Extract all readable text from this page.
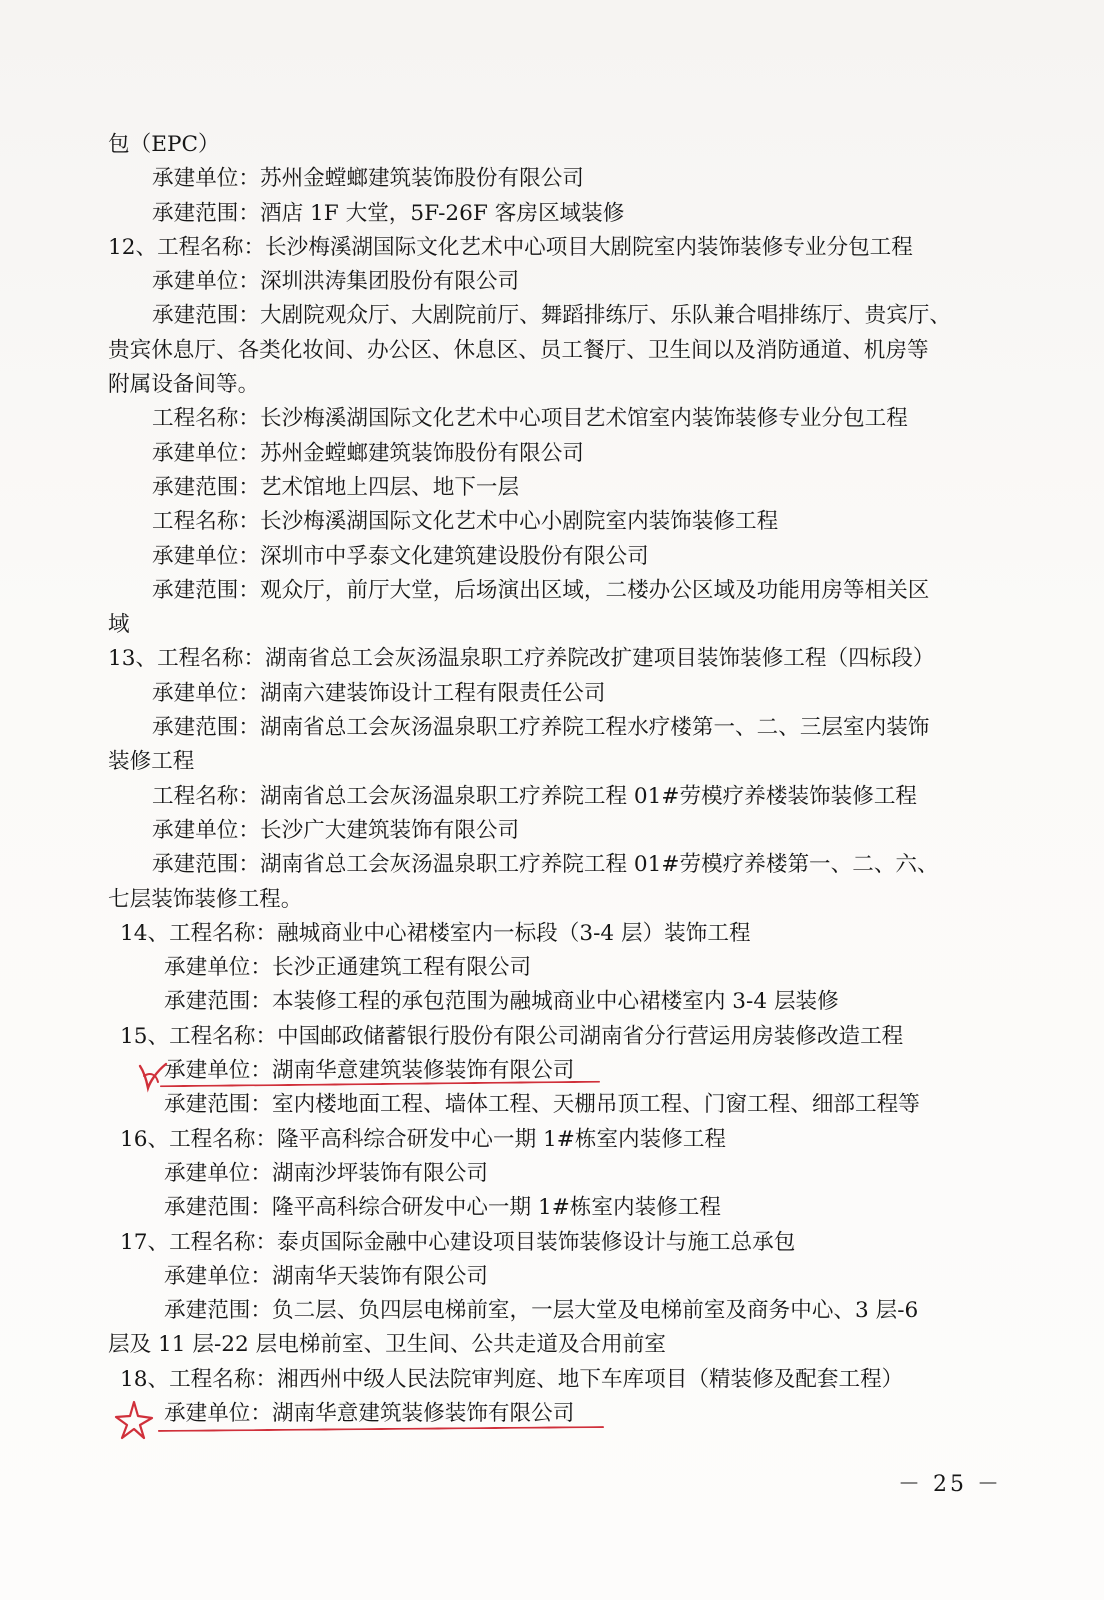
包（EPC）
承建单位：苏州金螳螂建筑装饰股份有限公司
承建范围：酒店 1F 大堂，5F-26F 客房区域装修
12、工程名称：长沙梅溪湖国际文化艺术中心项目大剧院室内装饰装修专业分包工程
承建单位：深圳洪涛集团股份有限公司
承建范围：大剧院观众厅、大剧院前厅、舞蹈排练厅、乐队兼合唱排练厅、贵宾厅、
贵宾休息厅、各类化妆间、办公区、休息区、员工餐厅、卫生间以及消防通道、机房等
附属设备间等。
工程名称：长沙梅溪湖国际文化艺术中心项目艺术馆室内装饰装修专业分包工程
承建单位：苏州金螳螂建筑装饰股份有限公司
承建范围：艺术馆地上四层、地下一层
工程名称：长沙梅溪湖国际文化艺术中心小剧院室内装饰装修工程
承建单位：深圳市中孚泰文化建筑建设股份有限公司
承建范围：观众厅，前厅大堂，后场演出区域，二楼办公区域及功能用房等相关区
域
13、工程名称：湖南省总工会灰汤温泉职工疗养院改扩建项目装饰装修工程（四标段）
承建单位：湖南六建装饰设计工程有限责任公司
承建范围：湖南省总工会灰汤温泉职工疗养院工程水疗楼第一、二、三层室内装饰
装修工程
工程名称：湖南省总工会灰汤温泉职工疗养院工程 01#劳模疗养楼装饰装修工程
承建单位：长沙广大建筑装饰有限公司
承建范围：湖南省总工会灰汤温泉职工疗养院工程 01#劳模疗养楼第一、二、六、
七层装饰装修工程。
14、工程名称：融城商业中心裙楼室内一标段（3-4 层）装饰工程
承建单位：长沙正通建筑工程有限公司
承建范围：本装修工程的承包范围为融城商业中心裙楼室内 3-4 层装修
15、工程名称：中国邮政储蓄银行股份有限公司湖南省分行营运用房装修改造工程
承建单位：湖南华意建筑装修装饰有限公司
承建范围：室内楼地面工程、墙体工程、天棚吊顶工程、门窗工程、细部工程等
16、工程名称：隆平高科综合研发中心一期 1#栋室内装修工程
承建单位：湖南沙坪装饰有限公司
承建范围：隆平高科综合研发中心一期 1#栋室内装修工程
17、工程名称：泰贞国际金融中心建设项目装饰装修设计与施工总承包
承建单位：湖南华天装饰有限公司
承建范围：负二层、负四层电梯前室，一层大堂及电梯前室及商务中心、3 层-6
层及 11 层-22 层电梯前室、卫生间、公共走道及合用前室
18、工程名称：湘西州中级人民法院审判庭、地下车库项目（精装修及配套工程）
承建单位：湖南华意建筑装修装饰有限公司
－ 25 －
